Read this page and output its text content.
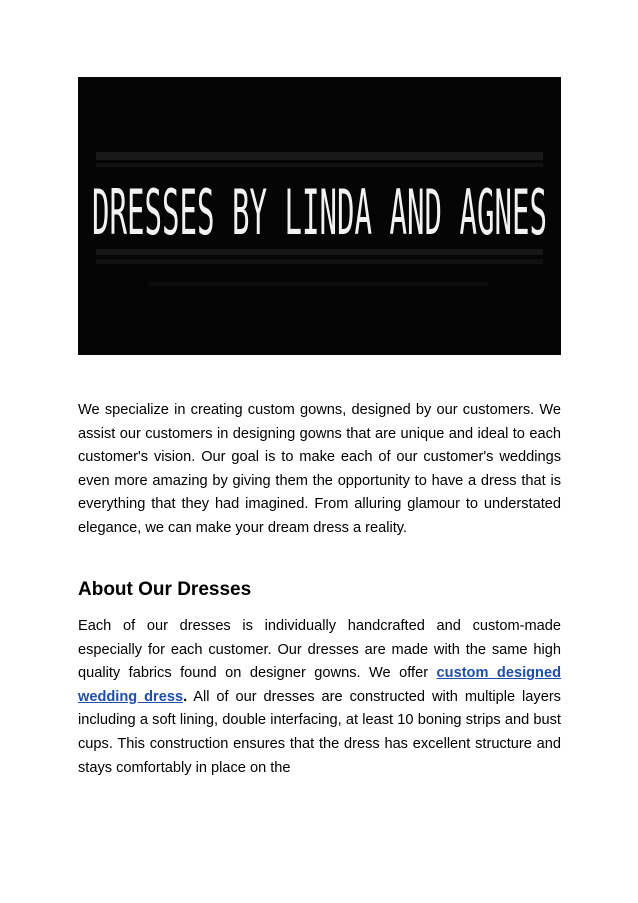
DRESSES BY LINDA AND AGNES

We specialize in creating custom gowns, designed by our customers. We assist our customers in designing gowns that are unique and ideal to each customer's vision. Our goal is to make each of our customer's weddings even more amazing by giving them the opportunity to have a dress that is everything that they had imagined. From alluring glamour to understated elegance, we can make your dream dress a reality.

About Our Dresses

Each of our dresses is individually handcrafted and custom-made especially for each customer. Our dresses are made with the same high quality fabrics found on designer gowns. We offer custom designed wedding dress. All of our dresses are constructed with multiple layers including a soft lining, double interfacing, at least 10 boning strips and bust cups. This construction ensures that the dress has excellent structure and stays comfortably in place on the
